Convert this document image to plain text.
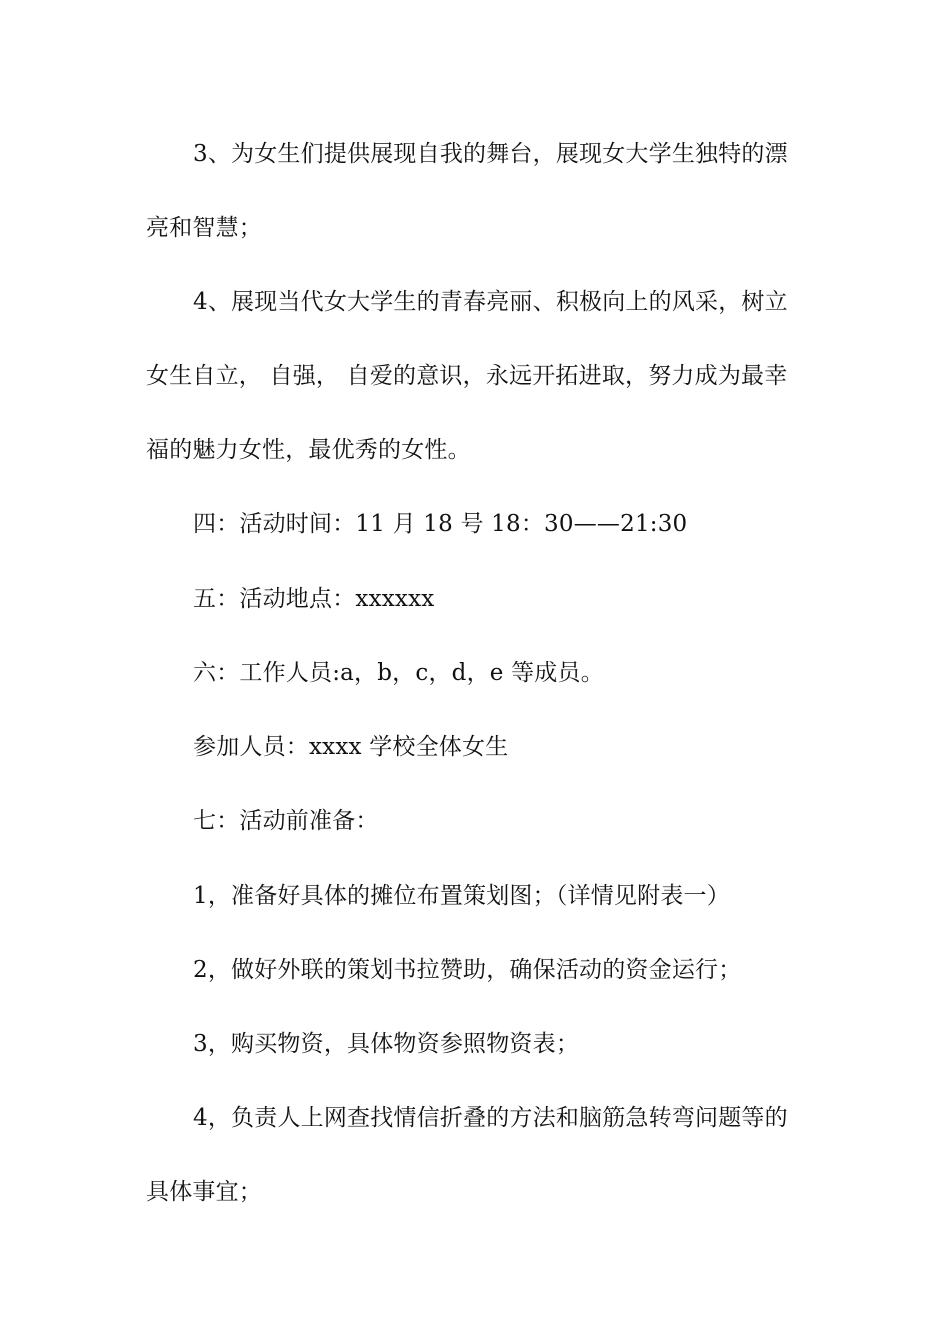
3、为女生们提供展现自我的舞台，展现女大学生独特的漂
亮和智慧；
4、展现当代女大学生的青春亮丽、积极向上的风采，树立
女生自立， 自强， 自爱的意识，永远开拓进取，努力成为最幸
福的魅力女性，最优秀的女性。
四：活动时间：11 月 18 号 18：30——21:30
五：活动地点：xxxxxx
六：工作人员:a，b，c，d，e 等成员。
参加人员：xxxx 学校全体女生
七：活动前准备：
1，准备好具体的摊位布置策划图；（详情见附表一）
2，做好外联的策划书拉赞助，确保活动的资金运行；
3，购买物资，具体物资参照物资表；
4，负责人上网查找情信折叠的方法和脑筋急转弯问题等的
具体事宜；
